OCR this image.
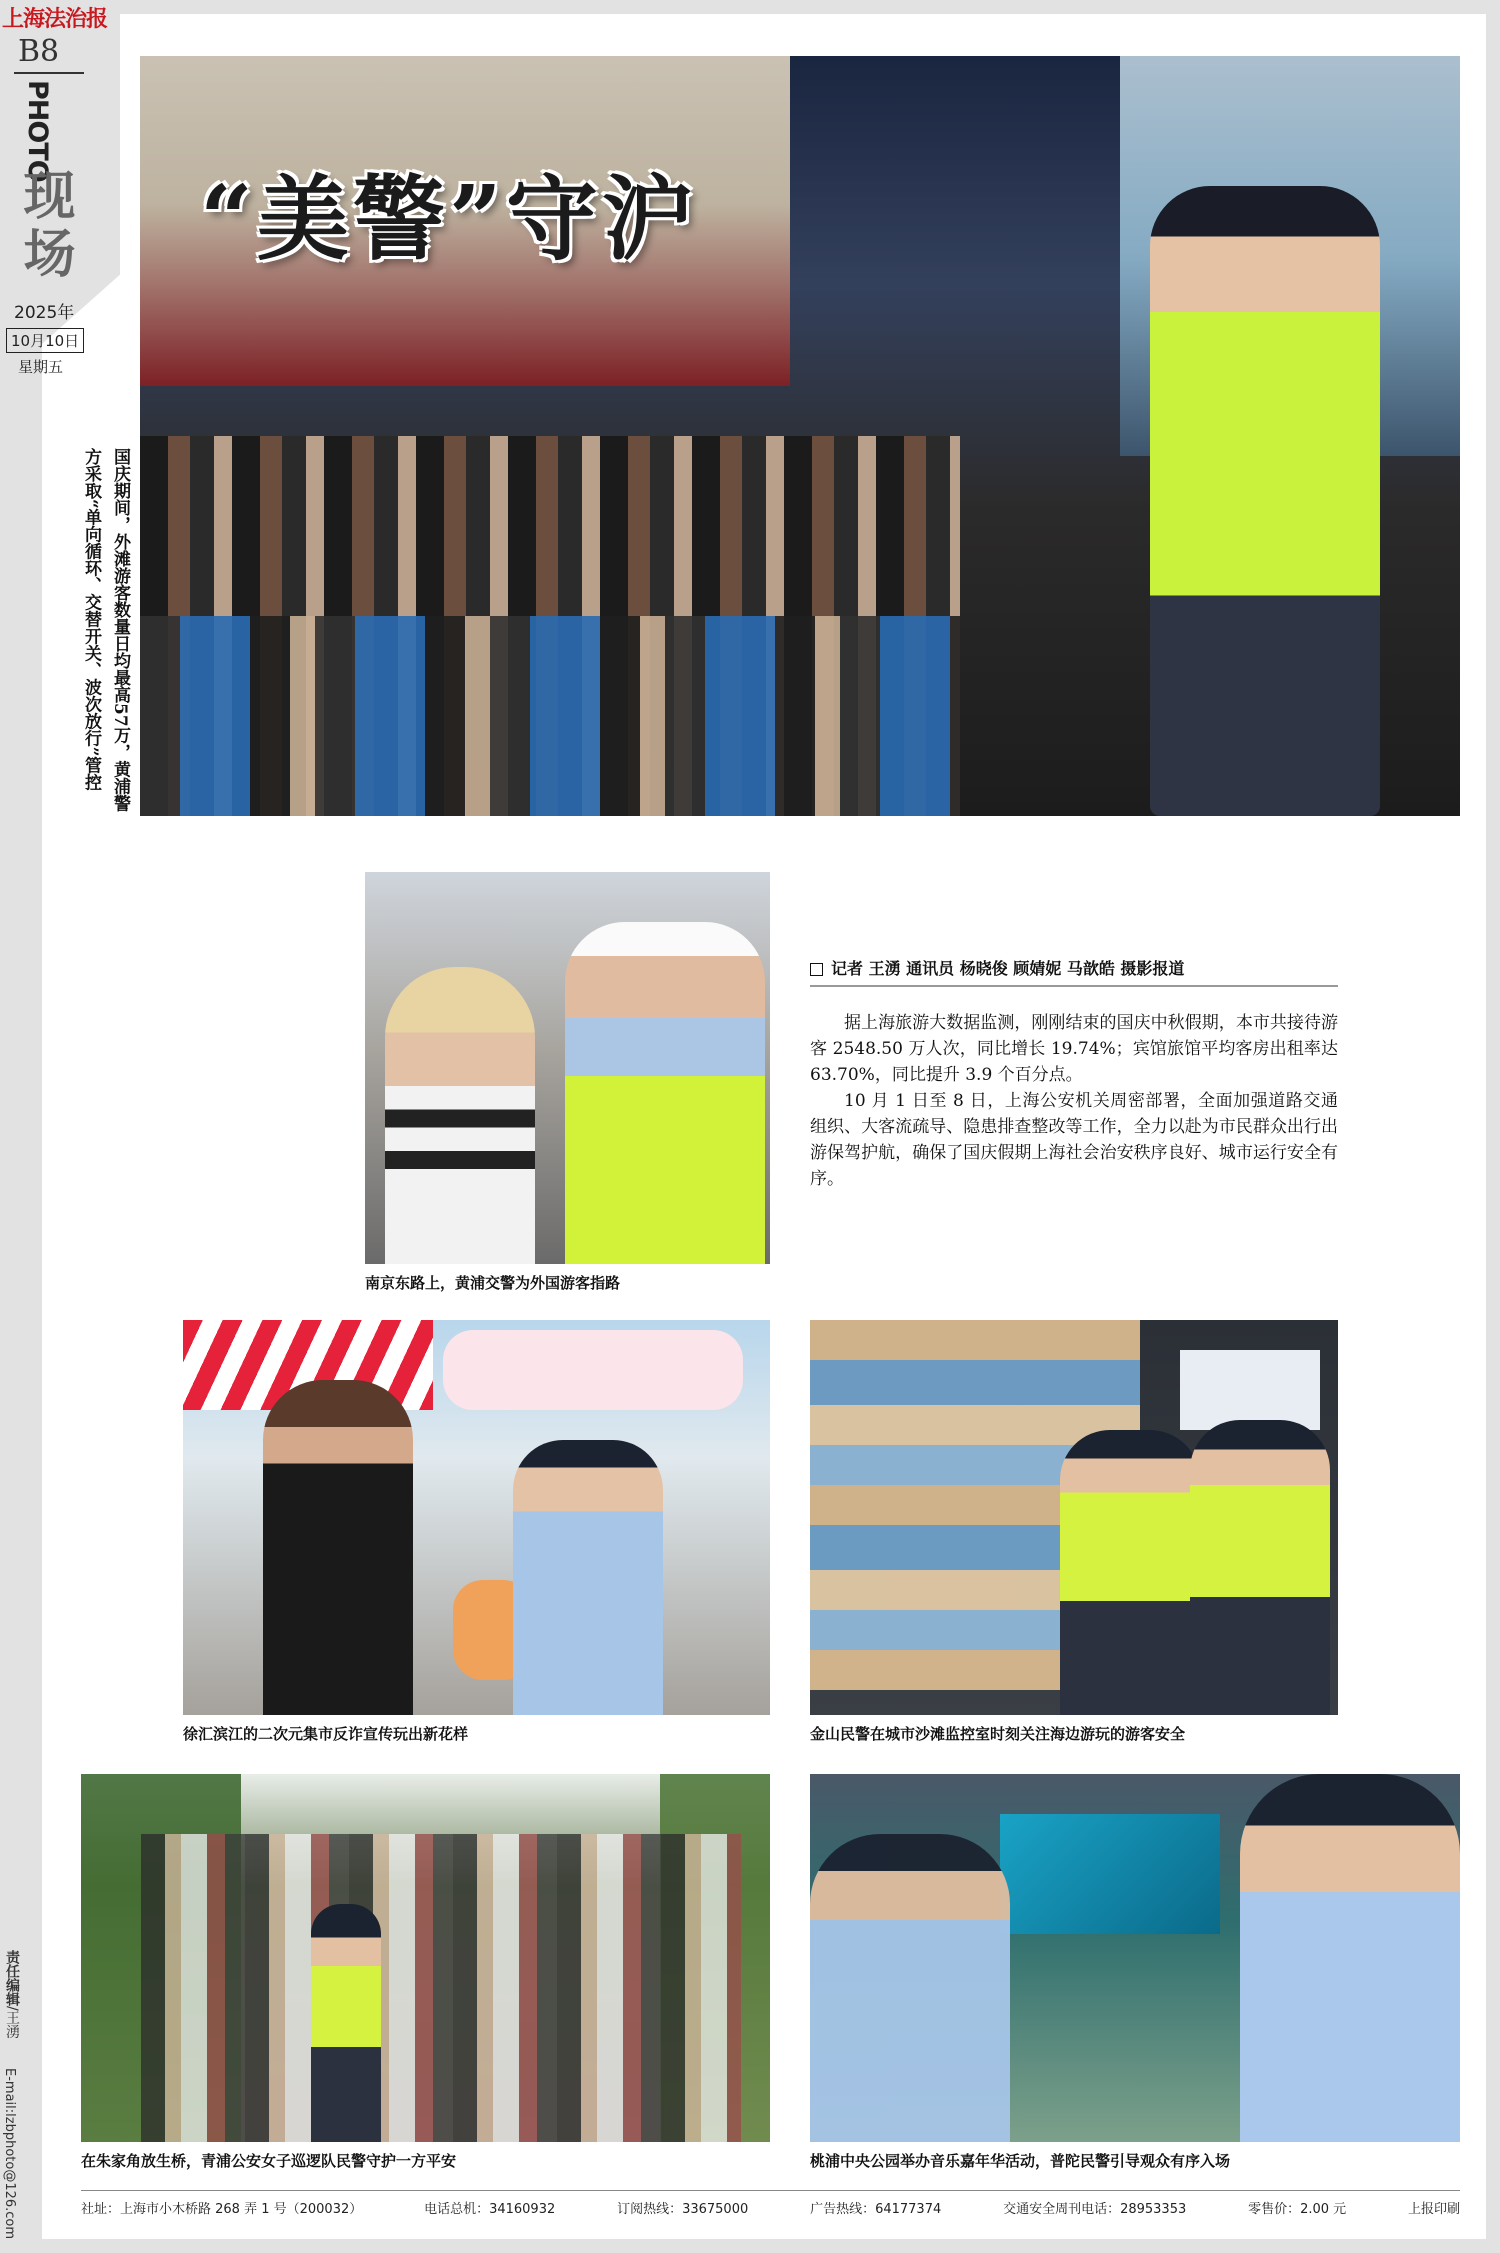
上海法治报
B8
PHOTO
现场
2025年
10月10日
星期五
国庆期间，外滩游客数量日均最高57万，黄浦警方采取“单向循环、交替开关、波次放行”管控
责任编辑/王湧
E-mail:lzbphoto@126.com
“美警”守沪
南京东路上，黄浦交警为外国游客指路
记者 王湧 通讯员 杨晓俊 顾婧妮 马歆皓 摄影报道

据上海旅游大数据监测，刚刚结束的国庆中秋假期，本市共接待游客 2548.50 万人次，同比增长 19.74%；宾馆旅馆平均客房出租率达 63.70%，同比提升 3.9 个百分点。

10 月 1 日至 8 日，上海公安机关周密部署，全面加强道路交通组织、大客流疏导、隐患排查整改等工作，全力以赴为市民群众出行出游保驾护航，确保了国庆假期上海社会治安秩序良好、城市运行安全有序。

徐汇滨江的二次元集市反诈宣传玩出新花样	金山民警在城市沙滩监控室时刻关注海边游玩的游客安全
在朱家角放生桥，青浦公安女子巡逻队民警守护一方平安	桃浦中央公园举办音乐嘉年华活动，普陀民警引导观众有序入场
社址：上海市小木桥路 268 弄 1 号（200032）	电话总机：34160932	订阅热线：33675000	广告热线：64177374	交通安全周刊电话：28953353	零售价：2.00 元	上报印刷
